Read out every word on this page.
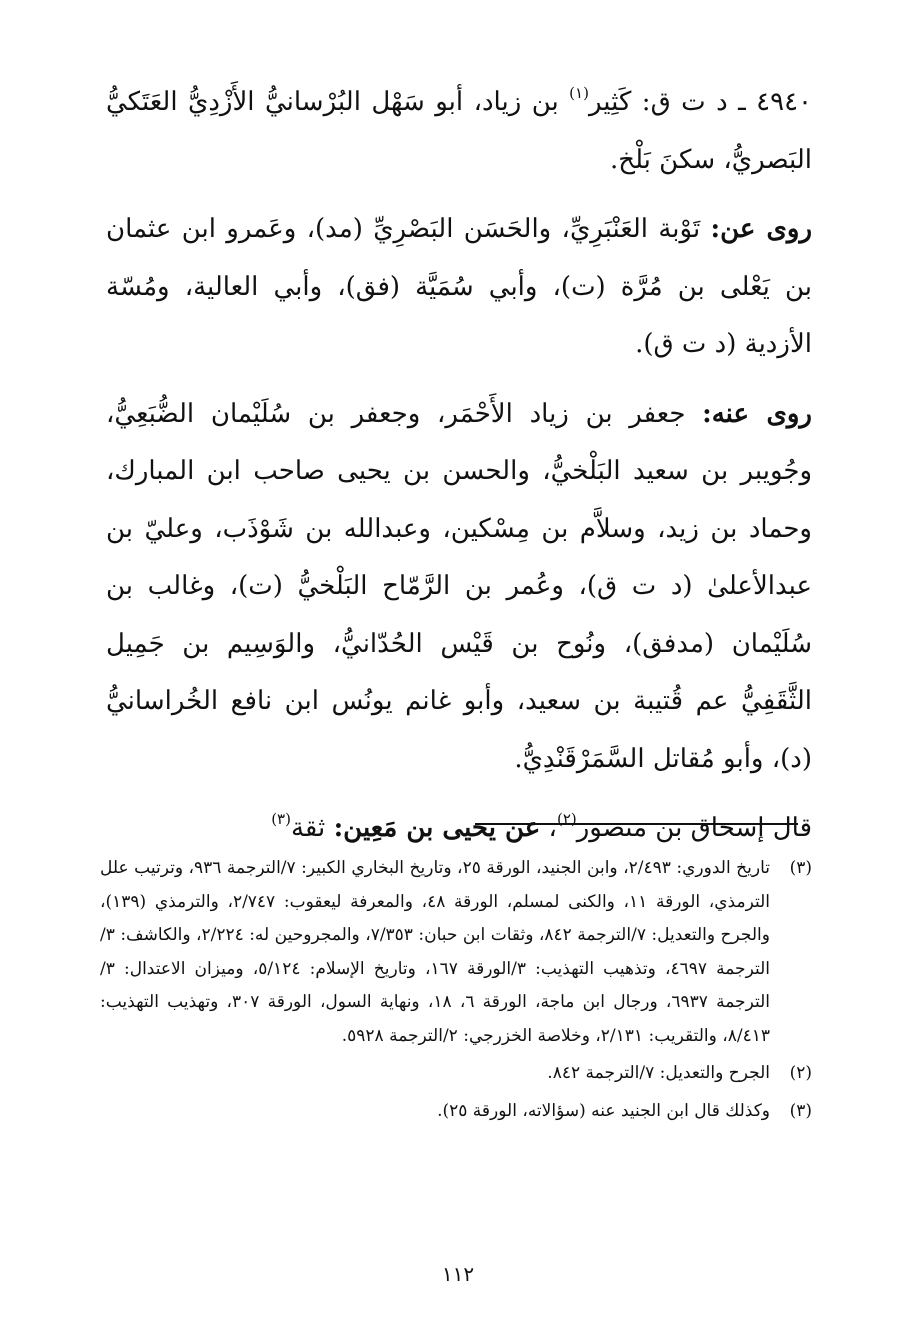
٤٩٤٠ ـ د ت ق: كَثِير$^{(١)}$ بن زياد، أبو سَهْل البُرْسانيُّ الأَزْدِيُّ العَتَكيُّ البَصريُّ، سكنَ بَلْخ.

روى عن: تَوْبة العَنْبَرِيِّ، والحَسَن البَصْرِيِّ (مد)، وعَمرو ابن عثمان بن يَعْلى بن مُرَّة (ت)، وأبي سُمَيَّة (فق)، وأبي العالية، ومُسّة الأزدية (د ت ق).

روى عنه: جعفر بن زياد الأَحْمَر، وجعفر بن سُلَيْمان الضُّبَعِيُّ، وجُويبر بن سعيد البَلْخيُّ، والحسن بن يحيى صاحب ابن المبارك، وحماد بن زيد، وسلاَّم بن مِسْكين، وعبدالله بن شَوْذَب، وعليّ بن عبدالأعلىٰ (د ت ق)، وعُمر بن الرَّمّاح البَلْخيُّ (ت)، وغالب بن سُلَيْمان (مدفق)، ونُوح بن قَيْس الحُدّانيُّ، والوَسِيم بن جَمِيل الثَّقَفِيُّ عم قُتيبة بن سعيد، وأبو غانم يونُس ابن نافع الخُراسانيُّ (د)، وأبو مُقاتل السَّمَرْقَنْدِيُّ.

قال إسحاق بن منصور$^{(٢)}$، عن يحيى بن مَعِين: ثقة$^{(٣)}$

(٣)
تاريخ الدوري: ٢/٤٩٣، وابن الجنيد، الورقة ٢٥، وتاريخ البخاري الكبير: ٧/الترجمة ٩٣٦، وترتيب علل الترمذي، الورقة ١١، والكنى لمسلم، الورقة ٤٨، والمعرفة ليعقوب: ٢/٧٤٧، والترمذي (١٣٩)، والجرح والتعديل: ٧/الترجمة ٨٤٢، وثقات ابن حبان: ٧/٣٥٣، والمجروحين له: ٢/٢٢٤، والكاشف: ٣/الترجمة ٤٦٩٧، وتذهيب التهذيب: ٣/الورقة ١٦٧، وتاريخ الإسلام: ٥/١٢٤، وميزان الاعتدال: ٣/الترجمة ٦٩٣٧، ورجال ابن ماجة، الورقة ٦، ١٨، ونهاية السول، الورقة ٣٠٧، وتهذيب التهذيب: ٨/٤١٣، والتقريب: ٢/١٣١، وخلاصة الخزرجي: ٢/الترجمة ٥٩٢٨.
(٢)
الجرح والتعديل: ٧/الترجمة ٨٤٢.
(٣)
وكذلك قال ابن الجنيد عنه (سؤالاته، الورقة ٢٥).
١١٢
